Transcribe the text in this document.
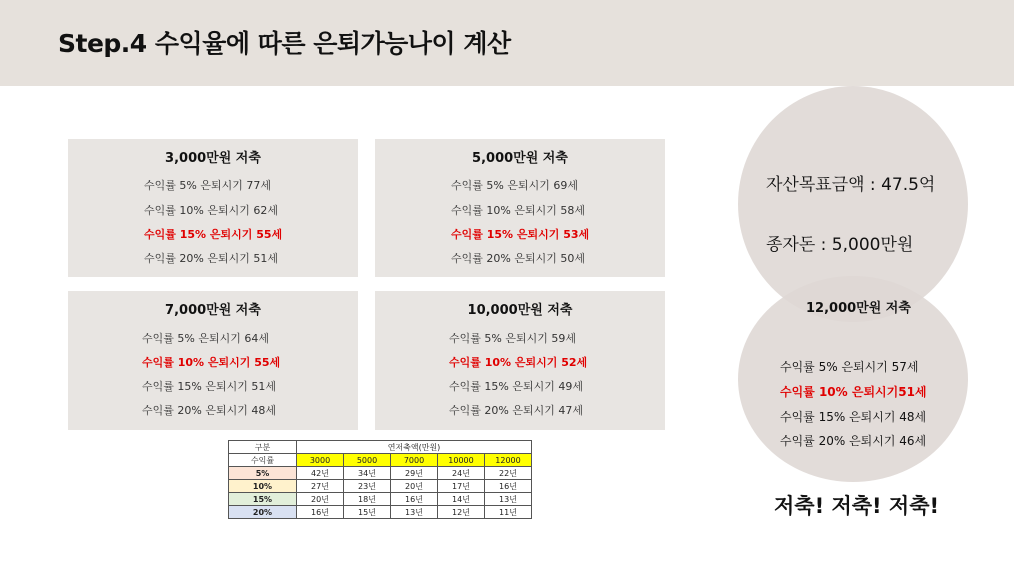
Step.4 수익율에 따른 은퇴가능나이 계산
3,000만원 저축
수익률 5% 은퇴시기 77세
수익률 10% 은퇴시기 62세
수익률 15% 은퇴시기 55세
수익률 20% 은퇴시기 51세
5,000만원 저축
수익률 5% 은퇴시기 69세
수익률 10% 은퇴시기 58세
수익률 15% 은퇴시기 53세
수익률 20% 은퇴시기 50세
7,000만원 저축
수익률 5% 은퇴시기 64세
수익률 10% 은퇴시기 55세
수익률 15% 은퇴시기 51세
수익률 20% 은퇴시기 48세
10,000만원 저축
수익률 5% 은퇴시기 59세
수익률 10% 은퇴시기 52세
수익률 15% 은퇴시기 49세
수익률 20% 은퇴시기 47세
자산목표금액 : 47.5억
종자돈 : 5,000만원
12,000만원 저축
수익률 5% 은퇴시기 57세
수익률 10% 은퇴시기51세
수익률 15% 은퇴시기 48세
수익률 20% 은퇴시기 46세
저축! 저축! 저축!
구분	연저축액(만원)				
수익률	3000	5000	7000	10000	12000
5%	42년	34년	29년	24년	22년
10%	27년	23년	20년	17년	16년
15%	20년	18년	16년	14년	13년
20%	16년	15년	13년	12년	11년
